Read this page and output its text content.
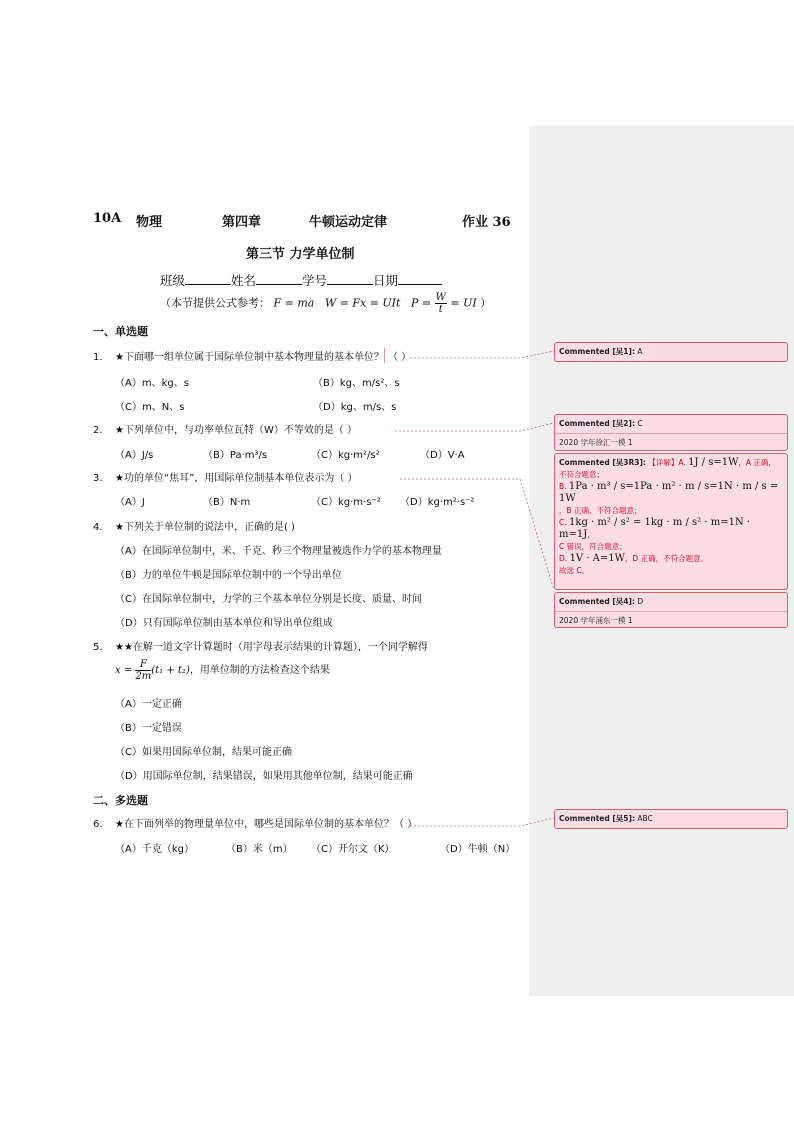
10A 物理	第四章	牛顿运动定律	作业 36
第三节 力学单位制
班级	姓名	学号	日期
（本节提供公式参考： F = ma W = Fx = UIt $P = \frac{W}{t}$ = UI ）
一、单选题
1. ★下面哪一组单位属于国际单位制中基本物理量的基本单位？ （ ）
（A）m、kg、s	（B）kg、m/s²、s
（C）m、N、s	（D）kg、m/s、s
2. ★下列单位中，与功率单位瓦特（W）不等效的是（ ）
（A）J/s	（B）Pa·m³/s	（C）kg·m²/s²	（D）V·A
3. ★功的单位“焦耳”，用国际单位制基本单位表示为（ ）
（A）J	（B）N·m	（C）kg·m·s⁻² （D）kg·m²·s⁻²
4. ★下列关于单位制的说法中，正确的是( )
（A）在国际单位制中，米、千克、秒三个物理量被选作力学的基本物理量
（B）力的单位牛顿是国际单位制中的一个导出单位
（C）在国际单位制中，力学的三个基本单位分别是长度、质量、时间
（D）只有国际单位制由基本单位和导出单位组成
5. ★★在解一道文字计算题时（用字母表示结果的计算题），一个同学解得
$x = \frac{F}{2m} (t_1 + t_2)$，用单位制的方法检查这个结果
（A）一定正确
（B）一定错误
（C）如果用国际单位制，结果可能正确
（D）用国际单位制，结果错误，如果用其他单位制，结果可能正确
二、多选题
6. ★在下面列举的物理量单位中，哪些是国际单位制的基本单位？（ ）
（A）千克（kg）	（B）米（m） （C）开尔文（K）	（D）牛顿（N）
Commented [吴1]: A
Commented [吴2]: C
2020 学年徐汇一模 1
Commented [吴3R3]: 【详解】A. 1J / s=1W，A 正确，不符合题意；
B. 1Pa · m³ / s=1Pa · m² · m / s=1N · m / s = 1W
，B 正确，不符合题意；
C. 1kg · m² / s² = 1kg · m / s² · m=1N · m=1J，
C 错误，符合题意；
D. 1V · A=1W，D 正确，不符合题意。
故选 C。
Commented [吴4]: D
2020 学年浦东一模 1
Commented [吴5]: ABC
